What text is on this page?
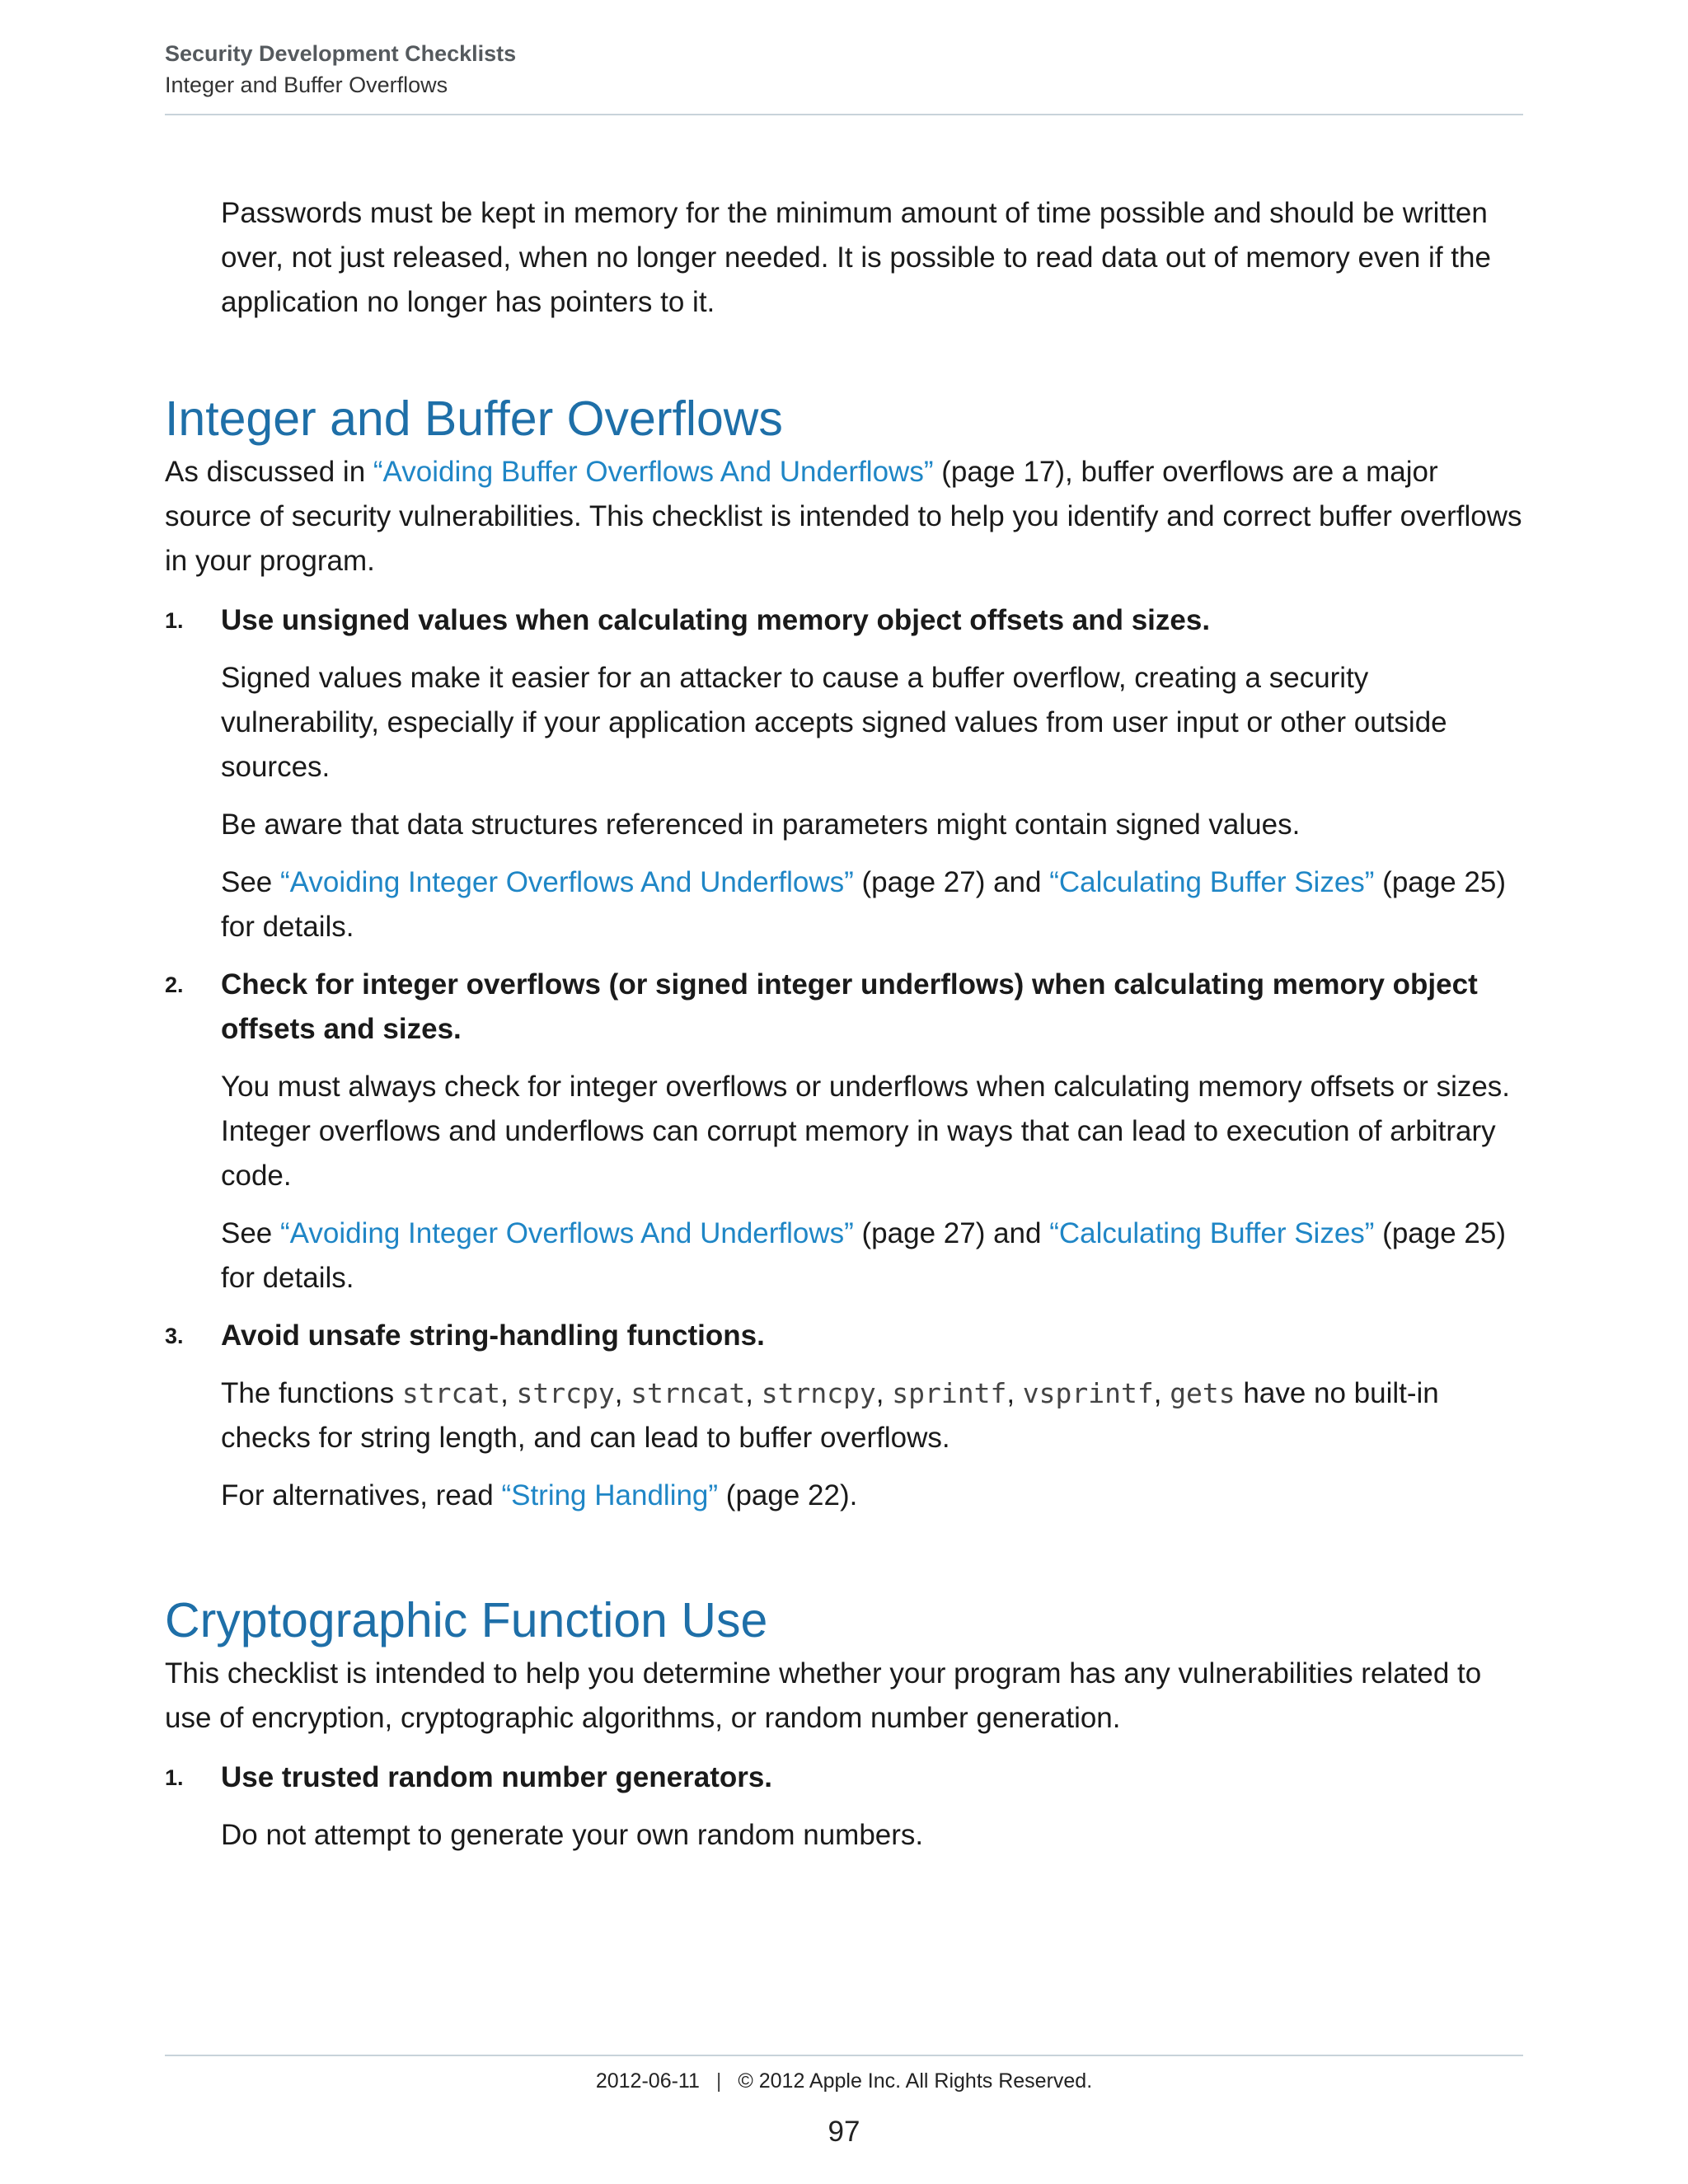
Security Development Checklists
Integer and Buffer Overflows

Passwords must be kept in memory for the minimum amount of time possible and should be written over, not just released, when no longer needed. It is possible to read data out of memory even if the application no longer has pointers to it.

Integer and Buffer Overflows

As discussed in “Avoiding Buffer Overflows And Underflows” (page 17), buffer overflows are a major source of security vulnerabilities. This checklist is intended to help you identify and correct buffer overflows in your program.

1. Use unsigned values when calculating memory object offsets and sizes.

Signed values make it easier for an attacker to cause a buffer overflow, creating a security vulnerability, especially if your application accepts signed values from user input or other outside sources.

Be aware that data structures referenced in parameters might contain signed values.

See “Avoiding Integer Overflows And Underflows” (page 27) and “Calculating Buffer Sizes” (page 25) for details.

2. Check for integer overflows (or signed integer underflows) when calculating memory object offsets and sizes.

You must always check for integer overflows or underflows when calculating memory offsets or sizes. Integer overflows and underflows can corrupt memory in ways that can lead to execution of arbitrary code.

See “Avoiding Integer Overflows And Underflows” (page 27) and “Calculating Buffer Sizes” (page 25) for details.

3. Avoid unsafe string-handling functions.

The functions strcat, strcpy, strncat, strncpy, sprintf, vsprintf, gets have no built-in checks for string length, and can lead to buffer overflows.

For alternatives, read “String Handling” (page 22).

Cryptographic Function Use

This checklist is intended to help you determine whether your program has any vulnerabilities related to use of encryption, cryptographic algorithms, or random number generation.

1. Use trusted random number generators.

Do not attempt to generate your own random numbers.

2012-06-11 | © 2012 Apple Inc. All Rights Reserved.
97
